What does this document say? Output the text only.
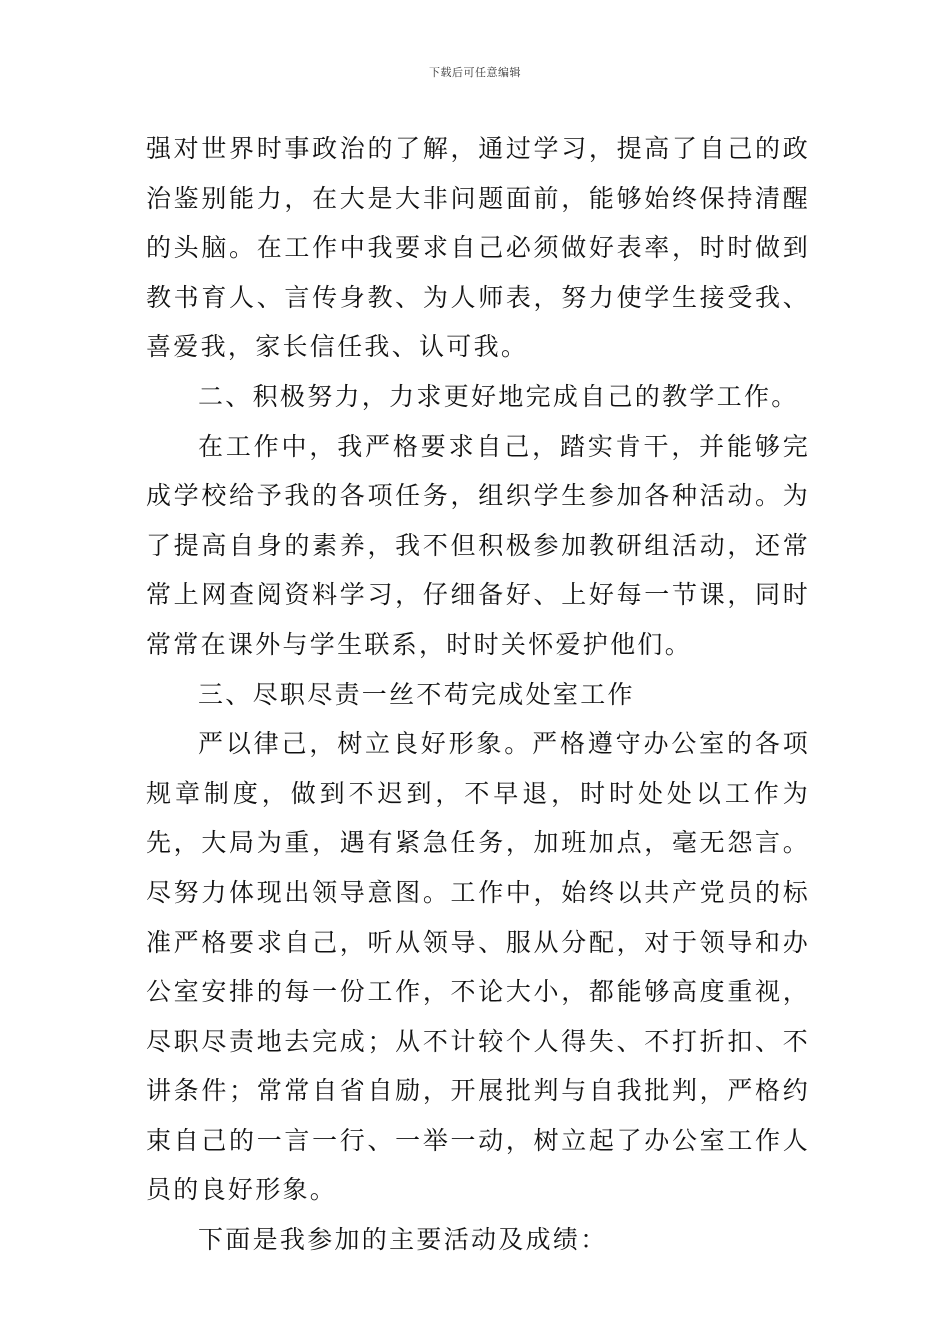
下载后可任意编辑

强对世界时事政治的了解，通过学习，提高了自己的政治鉴别能力，在大是大非问题面前，能够始终保持清醒的头脑。在工作中我要求自己必须做好表率，时时做到教书育人、言传身教、为人师表，努力使学生接受我、喜爱我，家长信任我、认可我。

二、积极努力，力求更好地完成自己的教学工作。

在工作中，我严格要求自己，踏实肯干，并能够完成学校给予我的各项任务，组织学生参加各种活动。为了提高自身的素养，我不但积极参加教研组活动，还常常上网查阅资料学习，仔细备好、上好每一节课，同时常常在课外与学生联系，时时关怀爱护他们。

三、尽职尽责一丝不苟完成处室工作

严以律己，树立良好形象。严格遵守办公室的各项规章制度，做到不迟到，不早退，时时处处以工作为先，大局为重，遇有紧急任务，加班加点，毫无怨言。尽努力体现出领导意图。工作中，始终以共产党员的标准严格要求自己，听从领导、服从分配，对于领导和办公室安排的每一份工作，不论大小，都能够高度重视，尽职尽责地去完成；从不计较个人得失、不打折扣、不讲条件；常常自省自励，开展批判与自我批判，严格约束自己的一言一行、一举一动，树立起了办公室工作人员的良好形象。

下面是我参加的主要活动及成绩：
